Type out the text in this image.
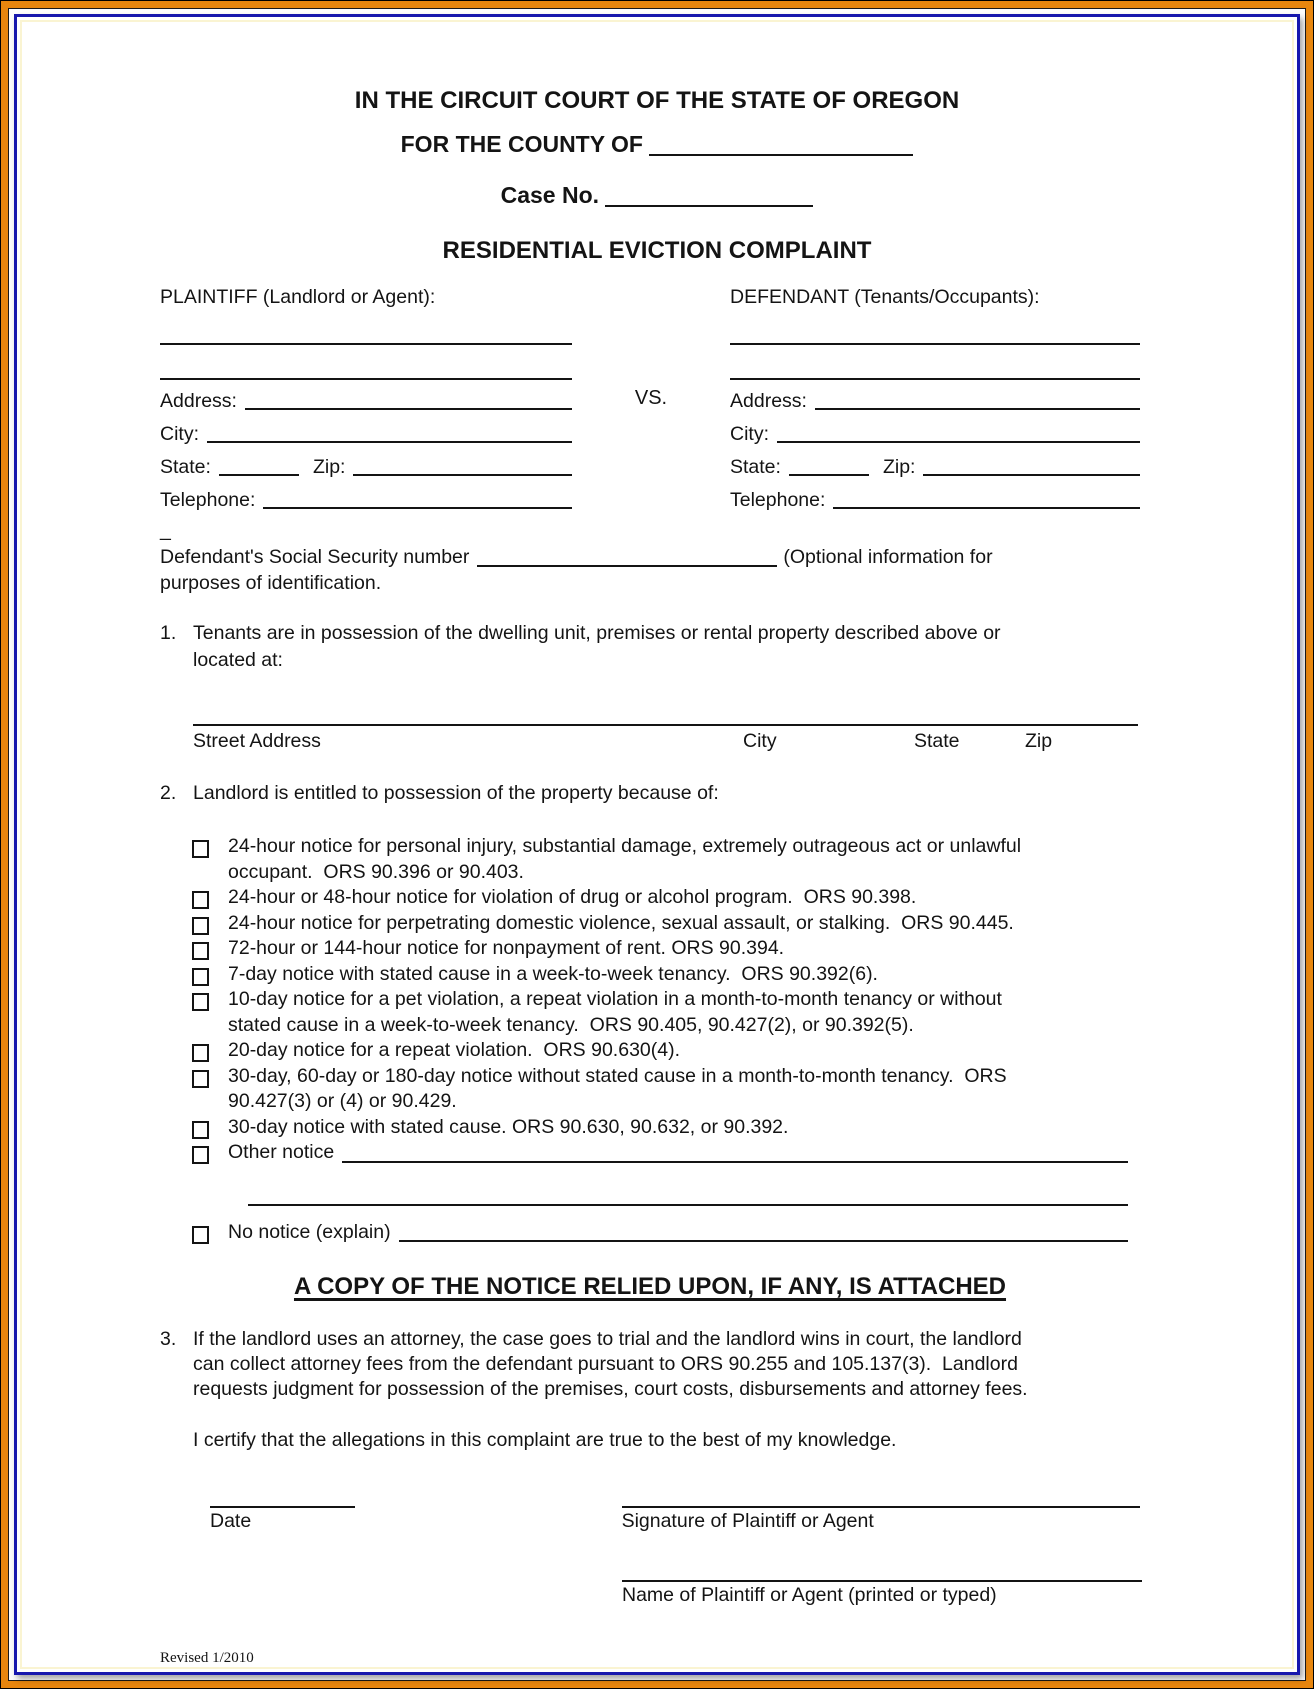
IN THE CIRCUIT COURT OF THE STATE OF OREGON
FOR THE COUNTY OF
Case No.
RESIDENTIAL EVICTION COMPLAINT
PLAINTIFF (Landlord or Agent):
Address:
City:
State:	Zip:
Telephone:
VS.
DEFENDANT (Tenants/Occupants):
Address:
City:
State:	Zip:
Telephone:
_
Defendant's Social Security number	(Optional information for
purposes of identification.
1. Tenants are in possession of the dwelling unit, premises or rental property described above or
located at:
Street Address	City	State	Zip
2. Landlord is entitled to possession of the property because of:
24-hour notice for personal injury, substantial damage, extremely outrageous act or unlawful
occupant.  ORS 90.396 or 90.403.
24-hour or 48-hour notice for violation of drug or alcohol program.  ORS 90.398.
24-hour notice for perpetrating domestic violence, sexual assault, or stalking.  ORS 90.445.
72-hour or 144-hour notice for nonpayment of rent. ORS 90.394.
7-day notice with stated cause in a week-to-week tenancy.  ORS 90.392(6).
10-day notice for a pet violation, a repeat violation in a month-to-month tenancy or without
stated cause in a week-to-week tenancy.  ORS 90.405, 90.427(2), or 90.392(5).
20-day notice for a repeat violation.  ORS 90.630(4).
30-day, 60-day or 180-day notice without stated cause in a month-to-month tenancy.  ORS
90.427(3) or (4) or 90.429.
30-day notice with stated cause. ORS 90.630, 90.632, or 90.392.
Other notice
No notice (explain)
A COPY OF THE NOTICE RELIED UPON, IF ANY, IS ATTACHED
3. If the landlord uses an attorney, the case goes to trial and the landlord wins in court, the landlord
can collect attorney fees from the defendant pursuant to ORS 90.255 and 105.137(3).  Landlord
requests judgment for possession of the premises, court costs, disbursements and attorney fees.
I certify that the allegations in this complaint are true to the best of my knowledge.
Date	Signature of Plaintiff or Agent
Name of Plaintiff or Agent (printed or typed)
Revised 1/2010
